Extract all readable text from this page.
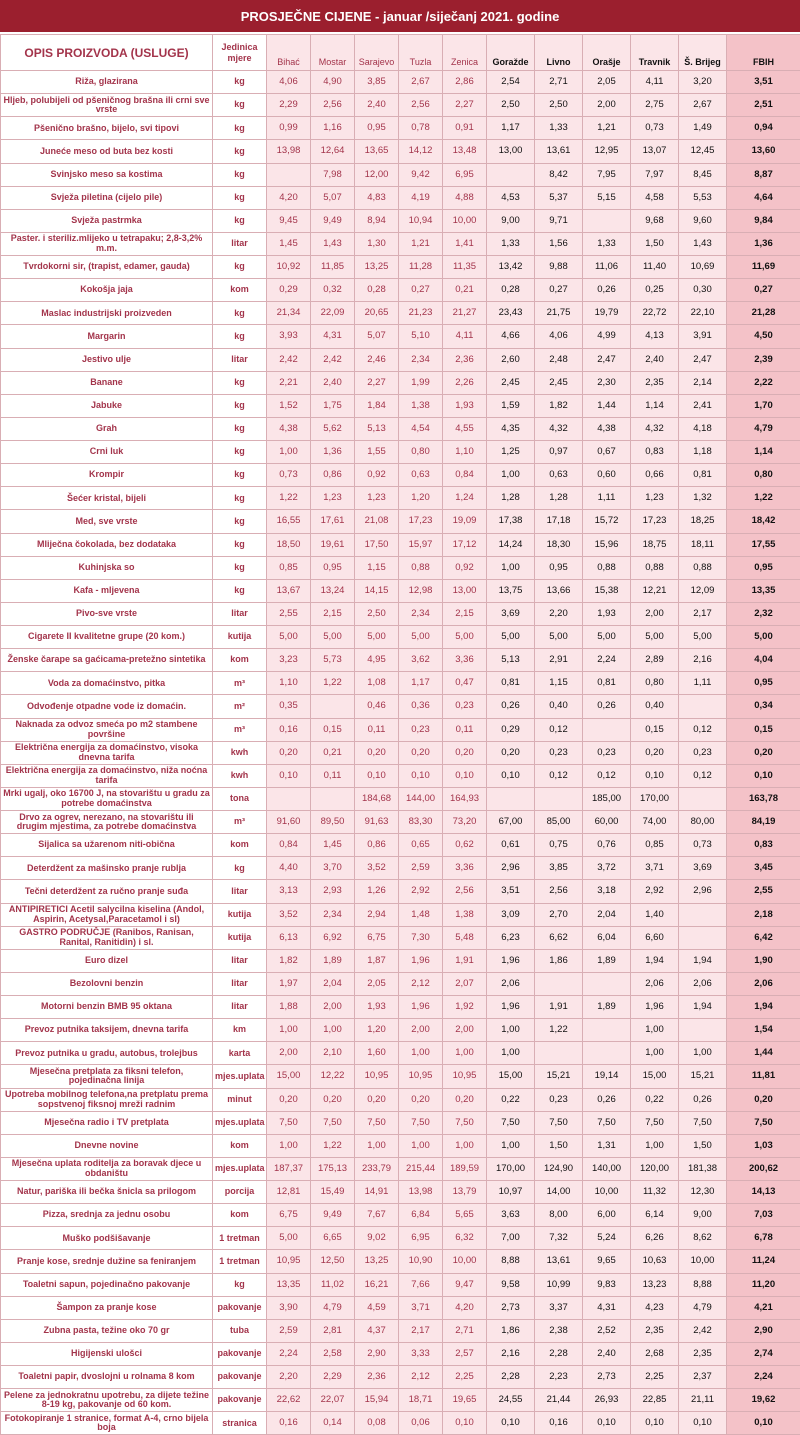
PROSJEČNE CIJENE - januar /siječanj 2021. godine
OPIS PROIZVODA (USLUGE)	Jedinica mjere	Bihać	Mostar	Sarajevo	Tuzla	Zenica	Goražde	Livno	Orašje	Travnik	Š. Brijeg	FBIH
Riža, glazirana	kg	4,06	4,90	3,85	2,67	2,86	2,54	2,71	2,05	4,11	3,20	3,51
Hljeb, polubijeli od pšeničnog brašna ili crni sve vrste	kg	2,29	2,56	2,40	2,56	2,27	2,50	2,50	2,00	2,75	2,67	2,51
Pšenično brašno, bijelo, svi tipovi	kg	0,99	1,16	0,95	0,78	0,91	1,17	1,33	1,21	0,73	1,49	0,94
Juneće meso od buta bez kosti	kg	13,98	12,64	13,65	14,12	13,48	13,00	13,61	12,95	13,07	12,45	13,60
Svinjsko meso sa kostima	kg		7,98	12,00	9,42	6,95		8,42	7,95	7,97	8,45	8,87
Svježa piletina (cijelo pile)	kg	4,20	5,07	4,83	4,19	4,88	4,53	5,37	5,15	4,58	5,53	4,64
Svježa pastrmka	kg	9,45	9,49	8,94	10,94	10,00	9,00	9,71		9,68	9,60	9,84
Paster. i steriliz.mlijeko u tetrapaku; 2,8-3,2% m.m.	litar	1,45	1,43	1,30	1,21	1,41	1,33	1,56	1,33	1,50	1,43	1,36
Tvrdokorni sir, (trapist, edamer, gauda)	kg	10,92	11,85	13,25	11,28	11,35	13,42	9,88	11,06	11,40	10,69	11,69
Kokošja jaja	kom	0,29	0,32	0,28	0,27	0,21	0,28	0,27	0,26	0,25	0,30	0,27
Maslac industrijski proizveden	kg	21,34	22,09	20,65	21,23	21,27	23,43	21,75	19,79	22,72	22,10	21,28
Margarin	kg	3,93	4,31	5,07	5,10	4,11	4,66	4,06	4,99	4,13	3,91	4,50
Jestivo ulje	litar	2,42	2,42	2,46	2,34	2,36	2,60	2,48	2,47	2,40	2,47	2,39
Banane	kg	2,21	2,40	2,27	1,99	2,26	2,45	2,45	2,30	2,35	2,14	2,22
Jabuke	kg	1,52	1,75	1,84	1,38	1,93	1,59	1,82	1,44	1,14	2,41	1,70
Grah	kg	4,38	5,62	5,13	4,54	4,55	4,35	4,32	4,38	4,32	4,18	4,79
Crni luk	kg	1,00	1,36	1,55	0,80	1,10	1,25	0,97	0,67	0,83	1,18	1,14
Krompir	kg	0,73	0,86	0,92	0,63	0,84	1,00	0,63	0,60	0,66	0,81	0,80
Šećer kristal, bijeli	kg	1,22	1,23	1,23	1,20	1,24	1,28	1,28	1,11	1,23	1,32	1,22
Med, sve vrste	kg	16,55	17,61	21,08	17,23	19,09	17,38	17,18	15,72	17,23	18,25	18,42
Mliječna čokolada, bez dodataka	kg	18,50	19,61	17,50	15,97	17,12	14,24	18,30	15,96	18,75	18,11	17,55
Kuhinjska so	kg	0,85	0,95	1,15	0,88	0,92	1,00	0,95	0,88	0,88	0,88	0,95
Kafa - mljevena	kg	13,67	13,24	14,15	12,98	13,00	13,75	13,66	15,38	12,21	12,09	13,35
Pivo-sve vrste	litar	2,55	2,15	2,50	2,34	2,15	3,69	2,20	1,93	2,00	2,17	2,32
Cigarete II kvalitetne grupe (20 kom.)	kutija	5,00	5,00	5,00	5,00	5,00	5,00	5,00	5,00	5,00	5,00	5,00
Ženske čarape sa gaćicama-pretežno sintetika	kom	3,23	5,73	4,95	3,62	3,36	5,13	2,91	2,24	2,89	2,16	4,04
Voda za domaćinstvo, pitka	m³	1,10	1,22	1,08	1,17	0,47	0,81	1,15	0,81	0,80	1,11	0,95
Odvođenje otpadne vode iz domaćin.	m²	0,35		0,46	0,36	0,23	0,26	0,40	0,26	0,40		0,34
Naknada za odvoz smeća po m2 stambene površine	m³	0,16	0,15	0,11	0,23	0,11	0,29	0,12		0,15	0,12	0,15
Električna energija za domaćinstvo, visoka dnevna tarifa	kwh	0,20	0,21	0,20	0,20	0,20	0,20	0,23	0,23	0,20	0,23	0,20
Električna energija za domaćinstvo, niža noćna tarifa	kwh	0,10	0,11	0,10	0,10	0,10	0,10	0,12	0,12	0,10	0,12	0,10
Mrki ugalj, oko 16700 J, na stovarištu u gradu za potrebe domaćinstva	tona			184,68	144,00	164,93			185,00	170,00		163,78
Drvo za ogrev, nerezano, na stovarištu ili drugim mjestima, za potrebe domaćinstva	m³	91,60	89,50	91,63	83,30	73,20	67,00	85,00	60,00	74,00	80,00	84,19
Sijalica sa užarenom niti-obična	kom	0,84	1,45	0,86	0,65	0,62	0,61	0,75	0,76	0,85	0,73	0,83
Deterdžent za mašinsko pranje rublja	kg	4,40	3,70	3,52	2,59	3,36	2,96	3,85	3,72	3,71	3,69	3,45
Tečni deterdžent za ručno pranje suđa	litar	3,13	2,93	1,26	2,92	2,56	3,51	2,56	3,18	2,92	2,96	2,55
ANTIPIRETICI Acetil salycilna kiselina (Andol, Aspirin, Acetysal,Paracetamol i sl)	kutija	3,52	2,34	2,94	1,48	1,38	3,09	2,70	2,04	1,40		2,18
GASTRO PODRUČJE (Ranibos, Ranisan, Ranital, Ranitidin) i sl.	kutija	6,13	6,92	6,75	7,30	5,48	6,23	6,62	6,04	6,60		6,42
Euro dizel	litar	1,82	1,89	1,87	1,96	1,91	1,96	1,86	1,89	1,94	1,94	1,90
Bezolovni benzin	litar	1,97	2,04	2,05	2,12	2,07	2,06			2,06	2,06	2,06
Motorni benzin BMB 95 oktana	litar	1,88	2,00	1,93	1,96	1,92	1,96	1,91	1,89	1,96	1,94	1,94
Prevoz putnika taksijem, dnevna tarifa	km	1,00	1,00	1,20	2,00	2,00	1,00	1,22		1,00		1,54
Prevoz putnika u gradu, autobus, trolejbus	karta	2,00	2,10	1,60	1,00	1,00	1,00			1,00	1,00	1,44
Mjesečna pretplata za fiksni telefon, pojedinačna linija	mjes.uplata	15,00	12,22	10,95	10,95	10,95	15,00	15,21	19,14	15,00	15,21	11,81
Upotreba mobilnog telefona,na pretplatu prema sopstvenoj fiksnoj mreži radnim	minut	0,20	0,20	0,20	0,20	0,20	0,22	0,23	0,26	0,22	0,26	0,20
Mjesečna radio i TV pretplata	mjes.uplata	7,50	7,50	7,50	7,50	7,50	7,50	7,50	7,50	7,50	7,50	7,50
Dnevne novine	kom	1,00	1,22	1,00	1,00	1,00	1,00	1,50	1,31	1,00	1,50	1,03
Mjesečna uplata roditelja za boravak djece u obdaništu	mjes.uplata	187,37	175,13	233,79	215,44	189,59	170,00	124,90	140,00	120,00	181,38	200,62
Natur, pariška ili bečka šnicla sa prilogom	porcija	12,81	15,49	14,91	13,98	13,79	10,97	14,00	10,00	11,32	12,30	14,13
Pizza, srednja za jednu osobu	kom	6,75	9,49	7,67	6,84	5,65	3,63	8,00	6,00	6,14	9,00	7,03
Muško podšišavanje	1 tretman	5,00	6,65	9,02	6,95	6,32	7,00	7,32	5,24	6,26	8,62	6,78
Pranje kose, srednje dužine sa feniranjem	1 tretman	10,95	12,50	13,25	10,90	10,00	8,88	13,61	9,65	10,63	10,00	11,24
Toaletni sapun, pojedinačno pakovanje	kg	13,35	11,02	16,21	7,66	9,47	9,58	10,99	9,83	13,23	8,88	11,20
Šampon za pranje kose	pakovanje	3,90	4,79	4,59	3,71	4,20	2,73	3,37	4,31	4,23	4,79	4,21
Zubna pasta, težine oko 70 gr	tuba	2,59	2,81	4,37	2,17	2,71	1,86	2,38	2,52	2,35	2,42	2,90
Higijenski ulošci	pakovanje	2,24	2,58	2,90	3,33	2,57	2,16	2,28	2,40	2,68	2,35	2,74
Toaletni papir, dvoslojni u rolnama 8 kom	pakovanje	2,20	2,29	2,36	2,12	2,25	2,28	2,23	2,73	2,25	2,37	2,24
Pelene za jednokratnu upotrebu, za dijete težine 8-19 kg, pakovanje od 60 kom.	pakovanje	22,62	22,07	15,94	18,71	19,65	24,55	21,44	26,93	22,85	21,11	19,62
Fotokopiranje 1 stranice, format A-4, crno bijela boja	stranica	0,16	0,14	0,08	0,06	0,10	0,10	0,16	0,10	0,10	0,10	0,10
